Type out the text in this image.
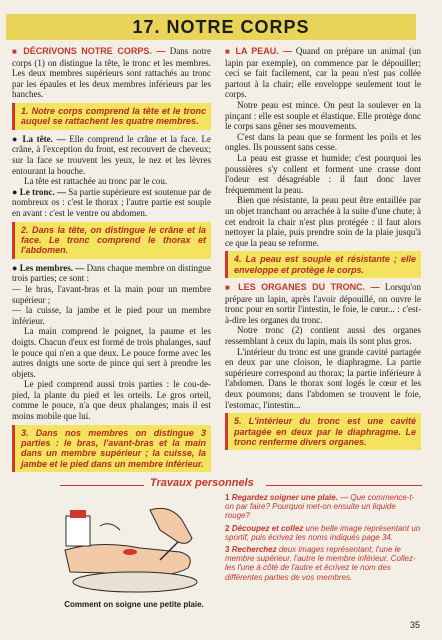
17. NOTRE CORPS

■ DÉCRIVONS NOTRE CORPS. — Dans notre corps (1) on distingue la tête, le tronc et les membres. Les deux membres supérieurs sont rattachés au tronc par les épaules et les deux membres inférieurs par les hanches.

1. Notre corps comprend la tête et le tronc auquel se rattachent les quatre membres.

● La tête. — Elle comprend le crâne et la face. Le crâne, à l'exception du front, est recouvert de cheveux; sur la face se trouvent les yeux, le nez et les lèvres entourant la bouche.

La tête est rattachée au tronc par le cou.

● Le tronc. — Sa partie supérieure est soutenue par de nombreux os : c'est le thorax ; l'autre partie est souple en avant : c'est le ventre ou abdomen.

2. Dans la tête, on distingue le crâne et la face. Le tronc comprend le thorax et l'abdomen.

● Les membres. — Dans chaque membre on distingue trois parties; ce sont :

— le bras, l'avant-bras et la main pour un membre supérieur ;

— la cuisse, la jambe et le pied pour un membre inférieur.

La main comprend le poignet, la paume et les doigts. Chacun d'eux est formé de trois phalanges, sauf le pouce qui n'en a que deux. Le pouce forme avec les autres doigts une sorte de pince qui sert à prendre les objets.

Le pied comprend aussi trois parties : le cou-de-pied, la plante du pied et les orteils. Le gros orteil, comme le pouce, n'a que deux phalanges; mais il est moins mobile que lui.

3. Dans nos membres on distingue 3 parties : le bras, l'avant-bras et la main dans un membre supérieur ; la cuisse, la jambe et le pied dans un membre inférieur.

■ LA PEAU. — Quand on prépare un animal (un lapin par exemple), on commence par le dépouiller; ceci se fait facilement, car la peau n'est pas collée partout à la chair; elle enveloppe seulement tout le corps.

Notre peau est mince. On peut la soulever en la pinçant : elle est souple et élastique. Elle protège donc le corps sans gêner ses mouvements.

C'est dans la peau que se forment les poils et les ongles. Ils poussent sans cesse.

La peau est grasse et humide; c'est pourquoi les poussières s'y collent et forment une crasse dont l'odeur est désagréable : il faut donc laver fréquemment la peau.

Bien que résistante, la peau peut être entaillée par un objet tranchant ou arrachée à la suite d'une chute; à cet endroit la chair n'est plus protégée : il faut alors nettoyer la plaie, puis prendre soin de la plaie jusqu'à ce que la peau se reforme.

4. La peau est souple et résistante ; elle enveloppe et protège le corps.

■ LES ORGANES DU TRONC. — Lorsqu'on prépare un lapin, après l'avoir dépouillé, on ouvre le tronc pour en sortir l'intestin, le foie, le cœur... : c'est-à-dire les organes du tronc.

Notre tronc (2) contient aussi des organes ressemblant à ceux du lapin, mais ils sont plus gros.

L'intérieur du tronc est une grande cavité partagée en deux par une cloison, le diaphragme. La partie supérieure correspond au thorax; la partie inférieure à l'abdomen. Dans le thorax sont logés le cœur et les deux poumons; dans l'abdomen se trouvent le foie, l'estomac, l'intestin...

5. L'intérieur du tronc est une cavité partagée en deux par le diaphragme. Le tronc renferme divers organes.
Travaux personnels
Comment on soigne une petite plaie.
1 Regardez soigner une plaie. — Que commence-t-on par faire? Pourquoi met-on ensuite un liquide rouge?
2 Découpez et collez une belle image représentant un sportif, puis écrivez les noms indiqués page 34.
3 Recherchez deux images représentant, l'une le membre supérieur, l'autre le membre inférieur. Collez-les l'une à côté de l'autre et écrivez le nom des différentes parties de vos membres.
35
